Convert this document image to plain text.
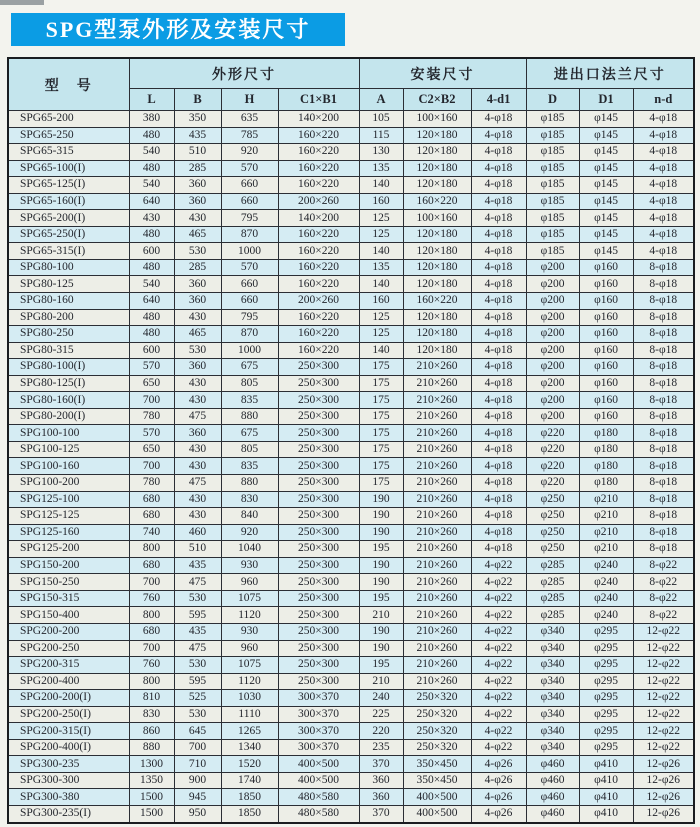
SPG型泵外形及安装尺寸
型　号	外形尺寸				安装尺寸			进出口法兰尺寸		
	L	B	H	C1×B1	A	C2×B2	4-d1	D	D1	n-d
SPG65-200	380	350	635	140×200	105	100×160	4-φ18	φ185	φ145	4-φ18
SPG65-250	480	435	785	160×220	115	120×180	4-φ18	φ185	φ145	4-φ18
SPG65-315	540	510	920	160×220	130	120×180	4-φ18	φ185	φ145	4-φ18
SPG65-100(I)	480	285	570	160×220	135	120×180	4-φ18	φ185	φ145	4-φ18
SPG65-125(I)	540	360	660	160×220	140	120×180	4-φ18	φ185	φ145	4-φ18
SPG65-160(I)	640	360	660	200×260	160	160×220	4-φ18	φ185	φ145	4-φ18
SPG65-200(I)	430	430	795	140×200	125	100×160	4-φ18	φ185	φ145	4-φ18
SPG65-250(I)	480	465	870	160×220	125	120×180	4-φ18	φ185	φ145	4-φ18
SPG65-315(I)	600	530	1000	160×220	140	120×180	4-φ18	φ185	φ145	4-φ18
SPG80-100	480	285	570	160×220	135	120×180	4-φ18	φ200	φ160	8-φ18
SPG80-125	540	360	660	160×220	140	120×180	4-φ18	φ200	φ160	8-φ18
SPG80-160	640	360	660	200×260	160	160×220	4-φ18	φ200	φ160	8-φ18
SPG80-200	480	430	795	160×220	125	120×180	4-φ18	φ200	φ160	8-φ18
SPG80-250	480	465	870	160×220	125	120×180	4-φ18	φ200	φ160	8-φ18
SPG80-315	600	530	1000	160×220	140	120×180	4-φ18	φ200	φ160	8-φ18
SPG80-100(I)	570	360	675	250×300	175	210×260	4-φ18	φ200	φ160	8-φ18
SPG80-125(I)	650	430	805	250×300	175	210×260	4-φ18	φ200	φ160	8-φ18
SPG80-160(I)	700	430	835	250×300	175	210×260	4-φ18	φ200	φ160	8-φ18
SPG80-200(I)	780	475	880	250×300	175	210×260	4-φ18	φ200	φ160	8-φ18
SPG100-100	570	360	675	250×300	175	210×260	4-φ18	φ220	φ180	8-φ18
SPG100-125	650	430	805	250×300	175	210×260	4-φ18	φ220	φ180	8-φ18
SPG100-160	700	430	835	250×300	175	210×260	4-φ18	φ220	φ180	8-φ18
SPG100-200	780	475	880	250×300	175	210×260	4-φ18	φ220	φ180	8-φ18
SPG125-100	680	430	830	250×300	190	210×260	4-φ18	φ250	φ210	8-φ18
SPG125-125	680	430	840	250×300	190	210×260	4-φ18	φ250	φ210	8-φ18
SPG125-160	740	460	920	250×300	190	210×260	4-φ18	φ250	φ210	8-φ18
SPG125-200	800	510	1040	250×300	195	210×260	4-φ18	φ250	φ210	8-φ18
SPG150-200	680	435	930	250×300	190	210×260	4-φ22	φ285	φ240	8-φ22
SPG150-250	700	475	960	250×300	190	210×260	4-φ22	φ285	φ240	8-φ22
SPG150-315	760	530	1075	250×300	195	210×260	4-φ22	φ285	φ240	8-φ22
SPG150-400	800	595	1120	250×300	210	210×260	4-φ22	φ285	φ240	8-φ22
SPG200-200	680	435	930	250×300	190	210×260	4-φ22	φ340	φ295	12-φ22
SPG200-250	700	475	960	250×300	190	210×260	4-φ22	φ340	φ295	12-φ22
SPG200-315	760	530	1075	250×300	195	210×260	4-φ22	φ340	φ295	12-φ22
SPG200-400	800	595	1120	250×300	210	210×260	4-φ22	φ340	φ295	12-φ22
SPG200-200(I)	810	525	1030	300×370	240	250×320	4-φ22	φ340	φ295	12-φ22
SPG200-250(I)	830	530	1110	300×370	225	250×320	4-φ22	φ340	φ295	12-φ22
SPG200-315(I)	860	645	1265	300×370	220	250×320	4-φ22	φ340	φ295	12-φ22
SPG200-400(I)	880	700	1340	300×370	235	250×320	4-φ22	φ340	φ295	12-φ22
SPG300-235	1300	710	1520	400×500	370	350×450	4-φ26	φ460	φ410	12-φ26
SPG300-300	1350	900	1740	400×500	360	350×450	4-φ26	φ460	φ410	12-φ26
SPG300-380	1500	945	1850	480×580	360	400×500	4-φ26	φ460	φ410	12-φ26
SPG300-235(I)	1500	950	1850	480×580	370	400×500	4-φ26	φ460	φ410	12-φ26
